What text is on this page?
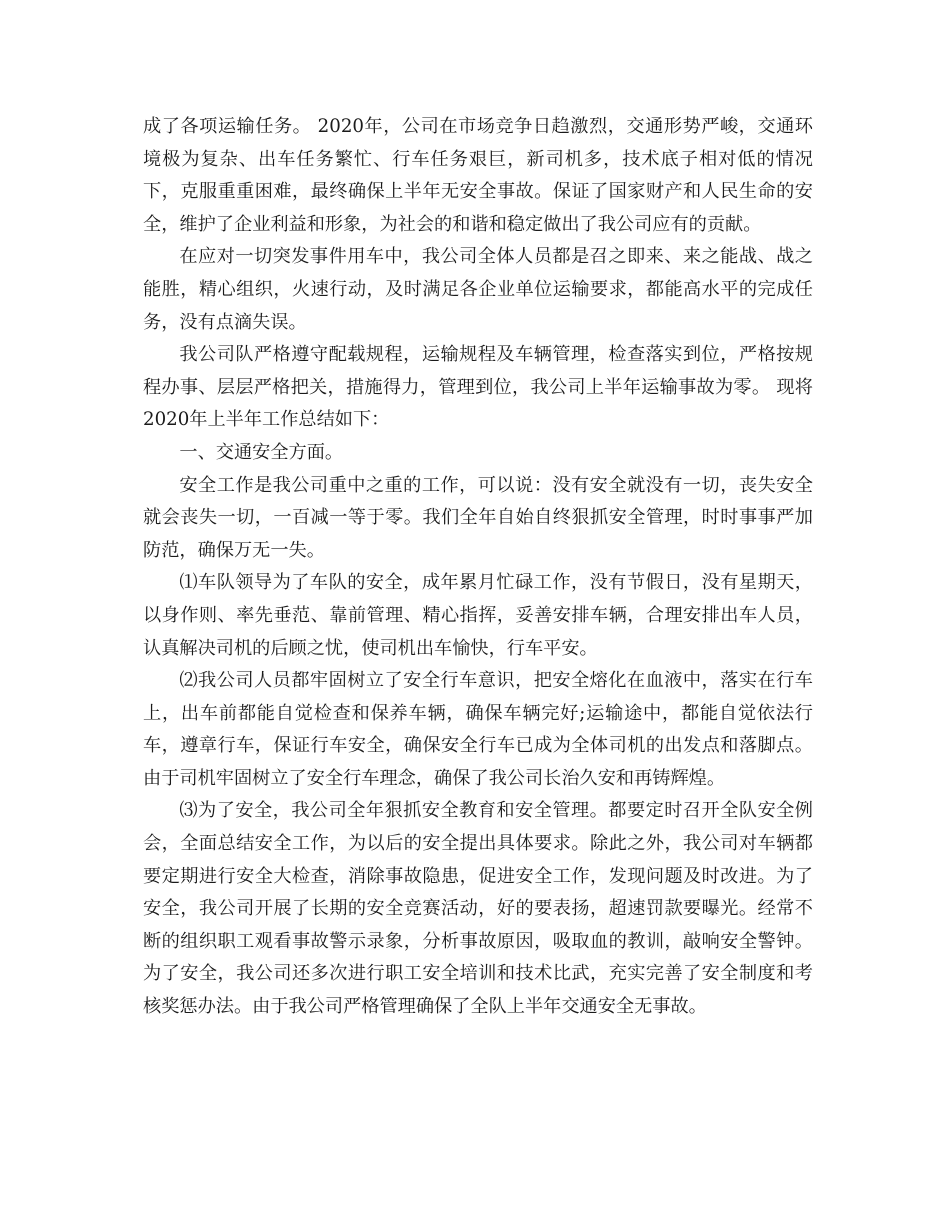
成了各项运输任务。 2020年，公司在市场竞争日趋激烈，交通形势严峻，交通环境极为复杂、出车任务繁忙、行车任务艰巨，新司机多，技术底子相对低的情况下，克服重重困难，最终确保上半年无安全事故。保证了国家财产和人民生命的安全，维护了企业利益和形象，为社会的和谐和稳定做出了我公司应有的贡献。

在应对一切突发事件用车中，我公司全体人员都是召之即来、来之能战、战之能胜，精心组织，火速行动，及时满足各企业单位运输要求，都能高水平的完成任务，没有点滴失误。

我公司队严格遵守配载规程，运输规程及车辆管理，检查落实到位，严格按规程办事、层层严格把关，措施得力，管理到位，我公司上半年运输事故为零。 现将2020年上半年工作总结如下：

一、交通安全方面。

安全工作是我公司重中之重的工作，可以说：没有安全就没有一切，丧失安全就会丧失一切，一百减一等于零。我们全年自始自终狠抓安全管理，时时事事严加防范，确保万无一失。

⑴车队领导为了车队的安全，成年累月忙碌工作，没有节假日，没有星期天，以身作则、率先垂范、靠前管理、精心指挥，妥善安排车辆，合理安排出车人员，认真解决司机的后顾之忧，使司机出车愉快，行车平安。

⑵我公司人员都牢固树立了安全行车意识，把安全熔化在血液中，落实在行车上，出车前都能自觉检查和保养车辆，确保车辆完好;运输途中，都能自觉依法行车，遵章行车，保证行车安全，确保安全行车已成为全体司机的出发点和落脚点。由于司机牢固树立了安全行车理念，确保了我公司长治久安和再铸辉煌。

⑶为了安全，我公司全年狠抓安全教育和安全管理。都要定时召开全队安全例会，全面总结安全工作，为以后的安全提出具体要求。除此之外，我公司对车辆都要定期进行安全大检查，消除事故隐患，促进安全工作，发现问题及时改进。为了安全，我公司开展了长期的安全竞赛活动，好的要表扬，超速罚款要曝光。经常不断的组织职工观看事故警示录象，分析事故原因，吸取血的教训，敲响安全警钟。为了安全，我公司还多次进行职工安全培训和技术比武，充实完善了安全制度和考核奖惩办法。由于我公司严格管理确保了全队上半年交通安全无事故。
